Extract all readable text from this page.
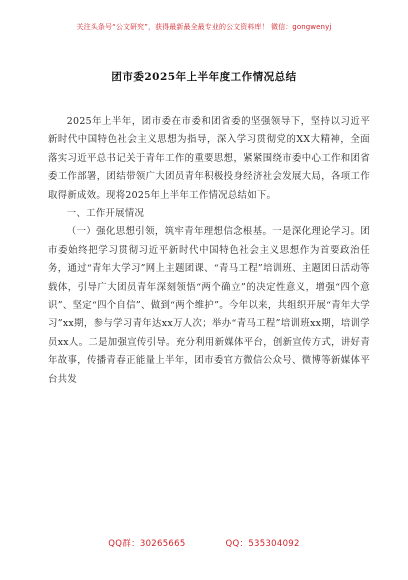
关注头条号“公文研究”，获得最新最全最专业的公文资料库！ 微信：gongwenyj
团市委2025年上半年度工作情况总结

2025年上半年，团市委在市委和团省委的坚强领导下，坚持以习近平新时代中国特色社会主义思想为指导，深入学习贯彻党的XX大精神，全面落实习近平总书记关于青年工作的重要思想，紧紧围绕市委中心工作和团省委工作部署，团结带领广大团员青年积极投身经济社会发展大局，各项工作取得新成效。现将2025年上半年工作情况总结如下。

一、工作开展情况

（一）强化思想引领，筑牢青年理想信念根基。一是深化理论学习。团市委始终把学习贯彻习近平新时代中国特色社会主义思想作为首要政治任务，通过“青年大学习”网上主题团课、“青马工程”培训班、主题团日活动等载体，引导广大团员青年深刻领悟“两个确立”的决定性意义，增强“四个意识”、坚定“四个自信”、做到“两个维护”。今年以来，共组织开展“青年大学习”xx期，参与学习青年达xx万人次；举办“青马工程”培训班xx期，培训学员xx人。二是加强宣传引导。充分利用新媒体平台，创新宣传方式，讲好青年故事，传播青春正能量上半年，团市委官方微信公众号、微博等新媒体平台共发

QQ群：30265665	QQ：535304092
